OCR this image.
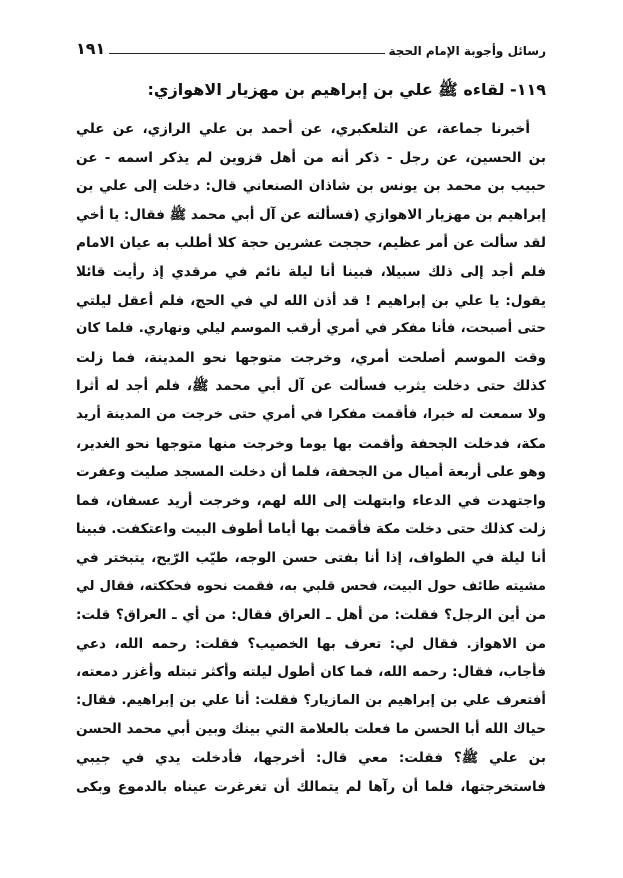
رسائل وأجوبة الإمام الحجة
١٩١
١١٩- لقاءه ﷺ علي بن إبراهيم بن مهزيار الاهوازي:
أخبرنا جماعة، عن التلعكبري، عن أحمد بن علي الرازي، عن علي
بن الحسين، عن رجل - ذكر أنه من أهل قزوين لم يذكر اسمه - عن
حبيب بن محمد بن يونس بن شاذان الصنعاني قال: دخلت إلى علي بن
إبراهيم بن مهزيار الاهوازي (فسألته عن آل أبي محمد ﷺ فقال: يا أخي
لقد سألت عن أمر عظيم، حججت عشرين حجة كلا أطلب به عيان الامام
فلم أجد إلى ذلك سبيلا، فبينا أنا ليلة نائم في مرقدي إذ رأيت قائلا
يقول: يا علي بن إبراهيم ! قد أذن الله لي في الحج، فلم أعقل ليلتي
حتى أصبحت، فأنا مفكر في أمري أرقب الموسم ليلي ونهاري. فلما كان
وقت الموسم أصلحت أمري، وخرجت متوجها نحو المدينة، فما زلت
كذلك حتى دخلت يثرب فسألت عن آل أبي محمد ﷺ، فلم أجد له أثرا
ولا سمعت له خبرا، فأقمت مفكرا في أمري حتى خرجت من المدينة أريد
مكة، فدخلت الجحفة وأقمت بها يوما وخرجت منها متوجها نحو الغدير،
وهو على أربعة أميال من الجحفة، فلما أن دخلت المسجد صليت وعفرت
واجتهدت في الدعاء وابتهلت إلى الله لهم، وخرجت أريد عسفان، فما
زلت كذلك حتى دخلت مكة فأقمت بها أياما أطوف البيت واعتكفت. فبينا
أنا ليلة في الطواف، إذا أنا بفتى حسن الوجه، طيّب الرّيح، يتبختر في
مشيته طائف حول البيت، فحس قلبي به، فقمت نحوه فحككته، فقال لي
من أين الرجل؟ فقلت: من أهل ـ العراق فقال: من أي ـ العراق؟ قلت:
من الاهواز. فقال لي: تعرف بها الخصيب؟ فقلت: رحمه الله، دعي
فأجاب، فقال: رحمه الله، فما كان أطول ليلته وأكثر تبتله وأغزر دمعته،
أفتعرف علي بن إبراهيم بن المازيار؟ فقلت: أنا علي بن إبراهيم. فقال:
حياك الله أبا الحسن ما فعلت بالعلامة التي بينك وبين أبي محمد الحسن
بن علي ﷺ؟ فقلت: معي قال: أخرجها، فأدخلت يدي في جيبي
فاستخرجتها، فلما أن رآها لم يتمالك أن تغرغرت عيناه بالدموع وبكى
